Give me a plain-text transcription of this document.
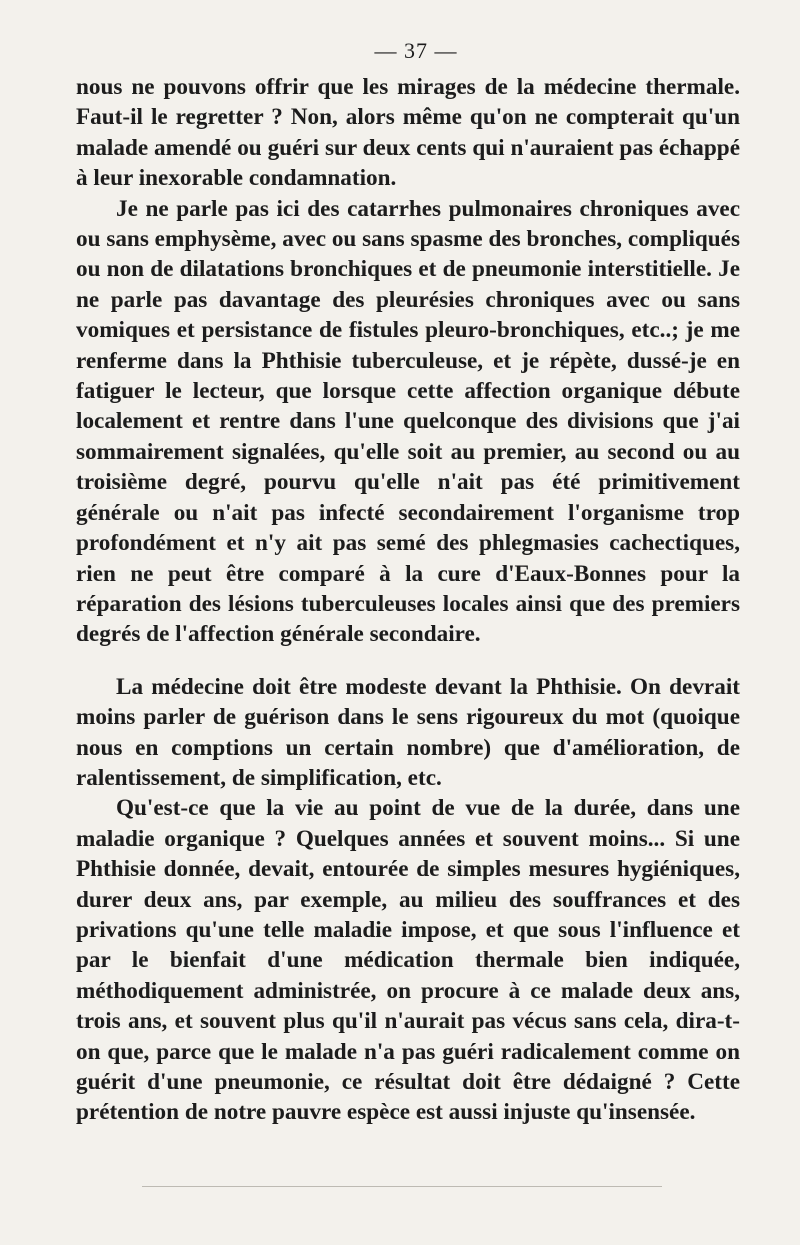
— 37 —

nous ne pouvons offrir que les mirages de la médecine thermale. Faut-il le regretter ? Non, alors même qu'on ne compterait qu'un malade amendé ou guéri sur deux cents qui n'auraient pas échappé à leur inexorable condamnation.

Je ne parle pas ici des catarrhes pulmonaires chroniques avec ou sans emphysème, avec ou sans spasme des bronches, compliqués ou non de dilatations bronchiques et de pneumonie interstitielle. Je ne parle pas davantage des pleurésies chroniques avec ou sans vomiques et persistance de fistules pleuro-bronchiques, etc..; je me renferme dans la Phthisie tuberculeuse, et je répète, dussé-je en fatiguer le lecteur, que lorsque cette affection organique débute localement et rentre dans l'une quelconque des divisions que j'ai sommairement signalées, qu'elle soit au premier, au second ou au troisième degré, pourvu qu'elle n'ait pas été primitivement générale ou n'ait pas infecté secondairement l'organisme trop profondément et n'y ait pas semé des phlegmasies cachectiques, rien ne peut être comparé à la cure d'Eaux-Bonnes pour la réparation des lésions tuberculeuses locales ainsi que des premiers degrés de l'affection générale secondaire.

La médecine doit être modeste devant la Phthisie. On devrait moins parler de guérison dans le sens rigoureux du mot (quoique nous en comptions un certain nombre) que d'amélioration, de ralentissement, de simplification, etc.

Qu'est-ce que la vie au point de vue de la durée, dans une maladie organique ? Quelques années et souvent moins... Si une Phthisie donnée, devait, entourée de simples mesures hygiéniques, durer deux ans, par exemple, au milieu des souffrances et des privations qu'une telle maladie impose, et que sous l'influence et par le bienfait d'une médication thermale bien indiquée, méthodiquement administrée, on procure à ce malade deux ans, trois ans, et souvent plus qu'il n'aurait pas vécus sans cela, dira-t-on que, parce que le malade n'a pas guéri radicalement comme on guérit d'une pneumonie, ce résultat doit être dédaigné ? Cette prétention de notre pauvre espèce est aussi injuste qu'insensée.
